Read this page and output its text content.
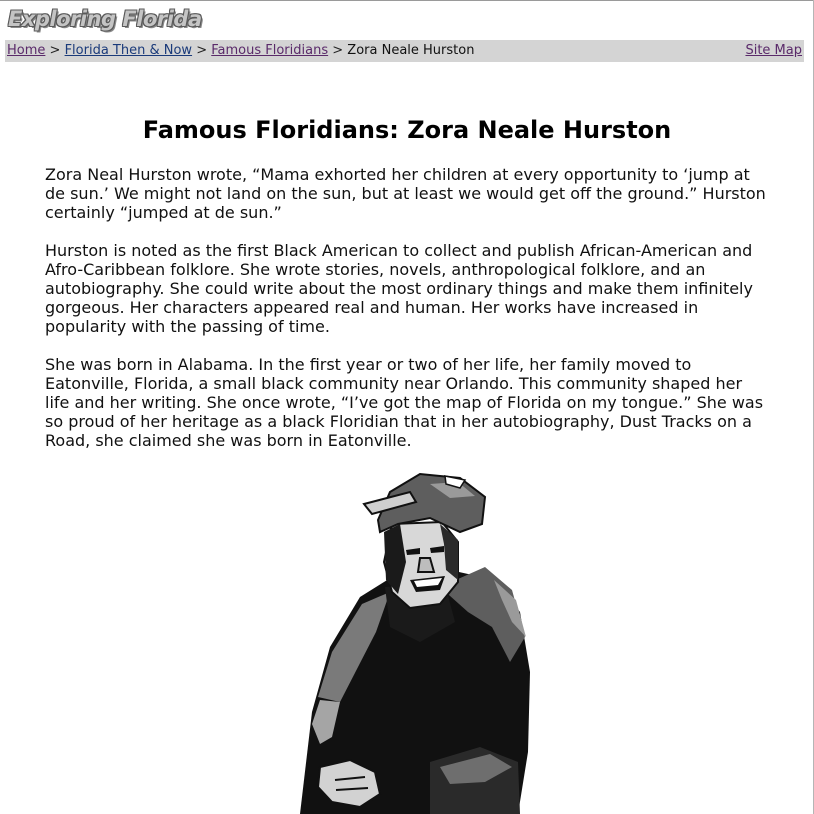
Exploring Florida
Home > Florida Then & Now > Famous Floridians > Zora Neale Hurston	Site Map
Famous Floridians: Zora Neale Hurston

Zora Neal Hurston wrote, “Mama exhorted her children at every opportunity to ‘jump at de sun.’ We might not land on the sun, but at least we would get off the ground.” Hurston certainly “jumped at de sun.”

Hurston is noted as the first Black American to collect and publish African-American and Afro-Caribbean folklore. She wrote stories, novels, anthropological folklore, and an autobiography. She could write about the most ordinary things and make them infinitely gorgeous. Her characters appeared real and human. Her works have increased in popularity with the passing of time.

She was born in Alabama. In the first year or two of her life, her family moved to Eatonville, Florida, a small black community near Orlando. This community shaped her life and her writing. She once wrote, “I’ve got the map of Florida on my tongue.” She was so proud of her heritage as a black Floridian that in her autobiography, Dust Tracks on a Road, she claimed she was born in Eatonville.
